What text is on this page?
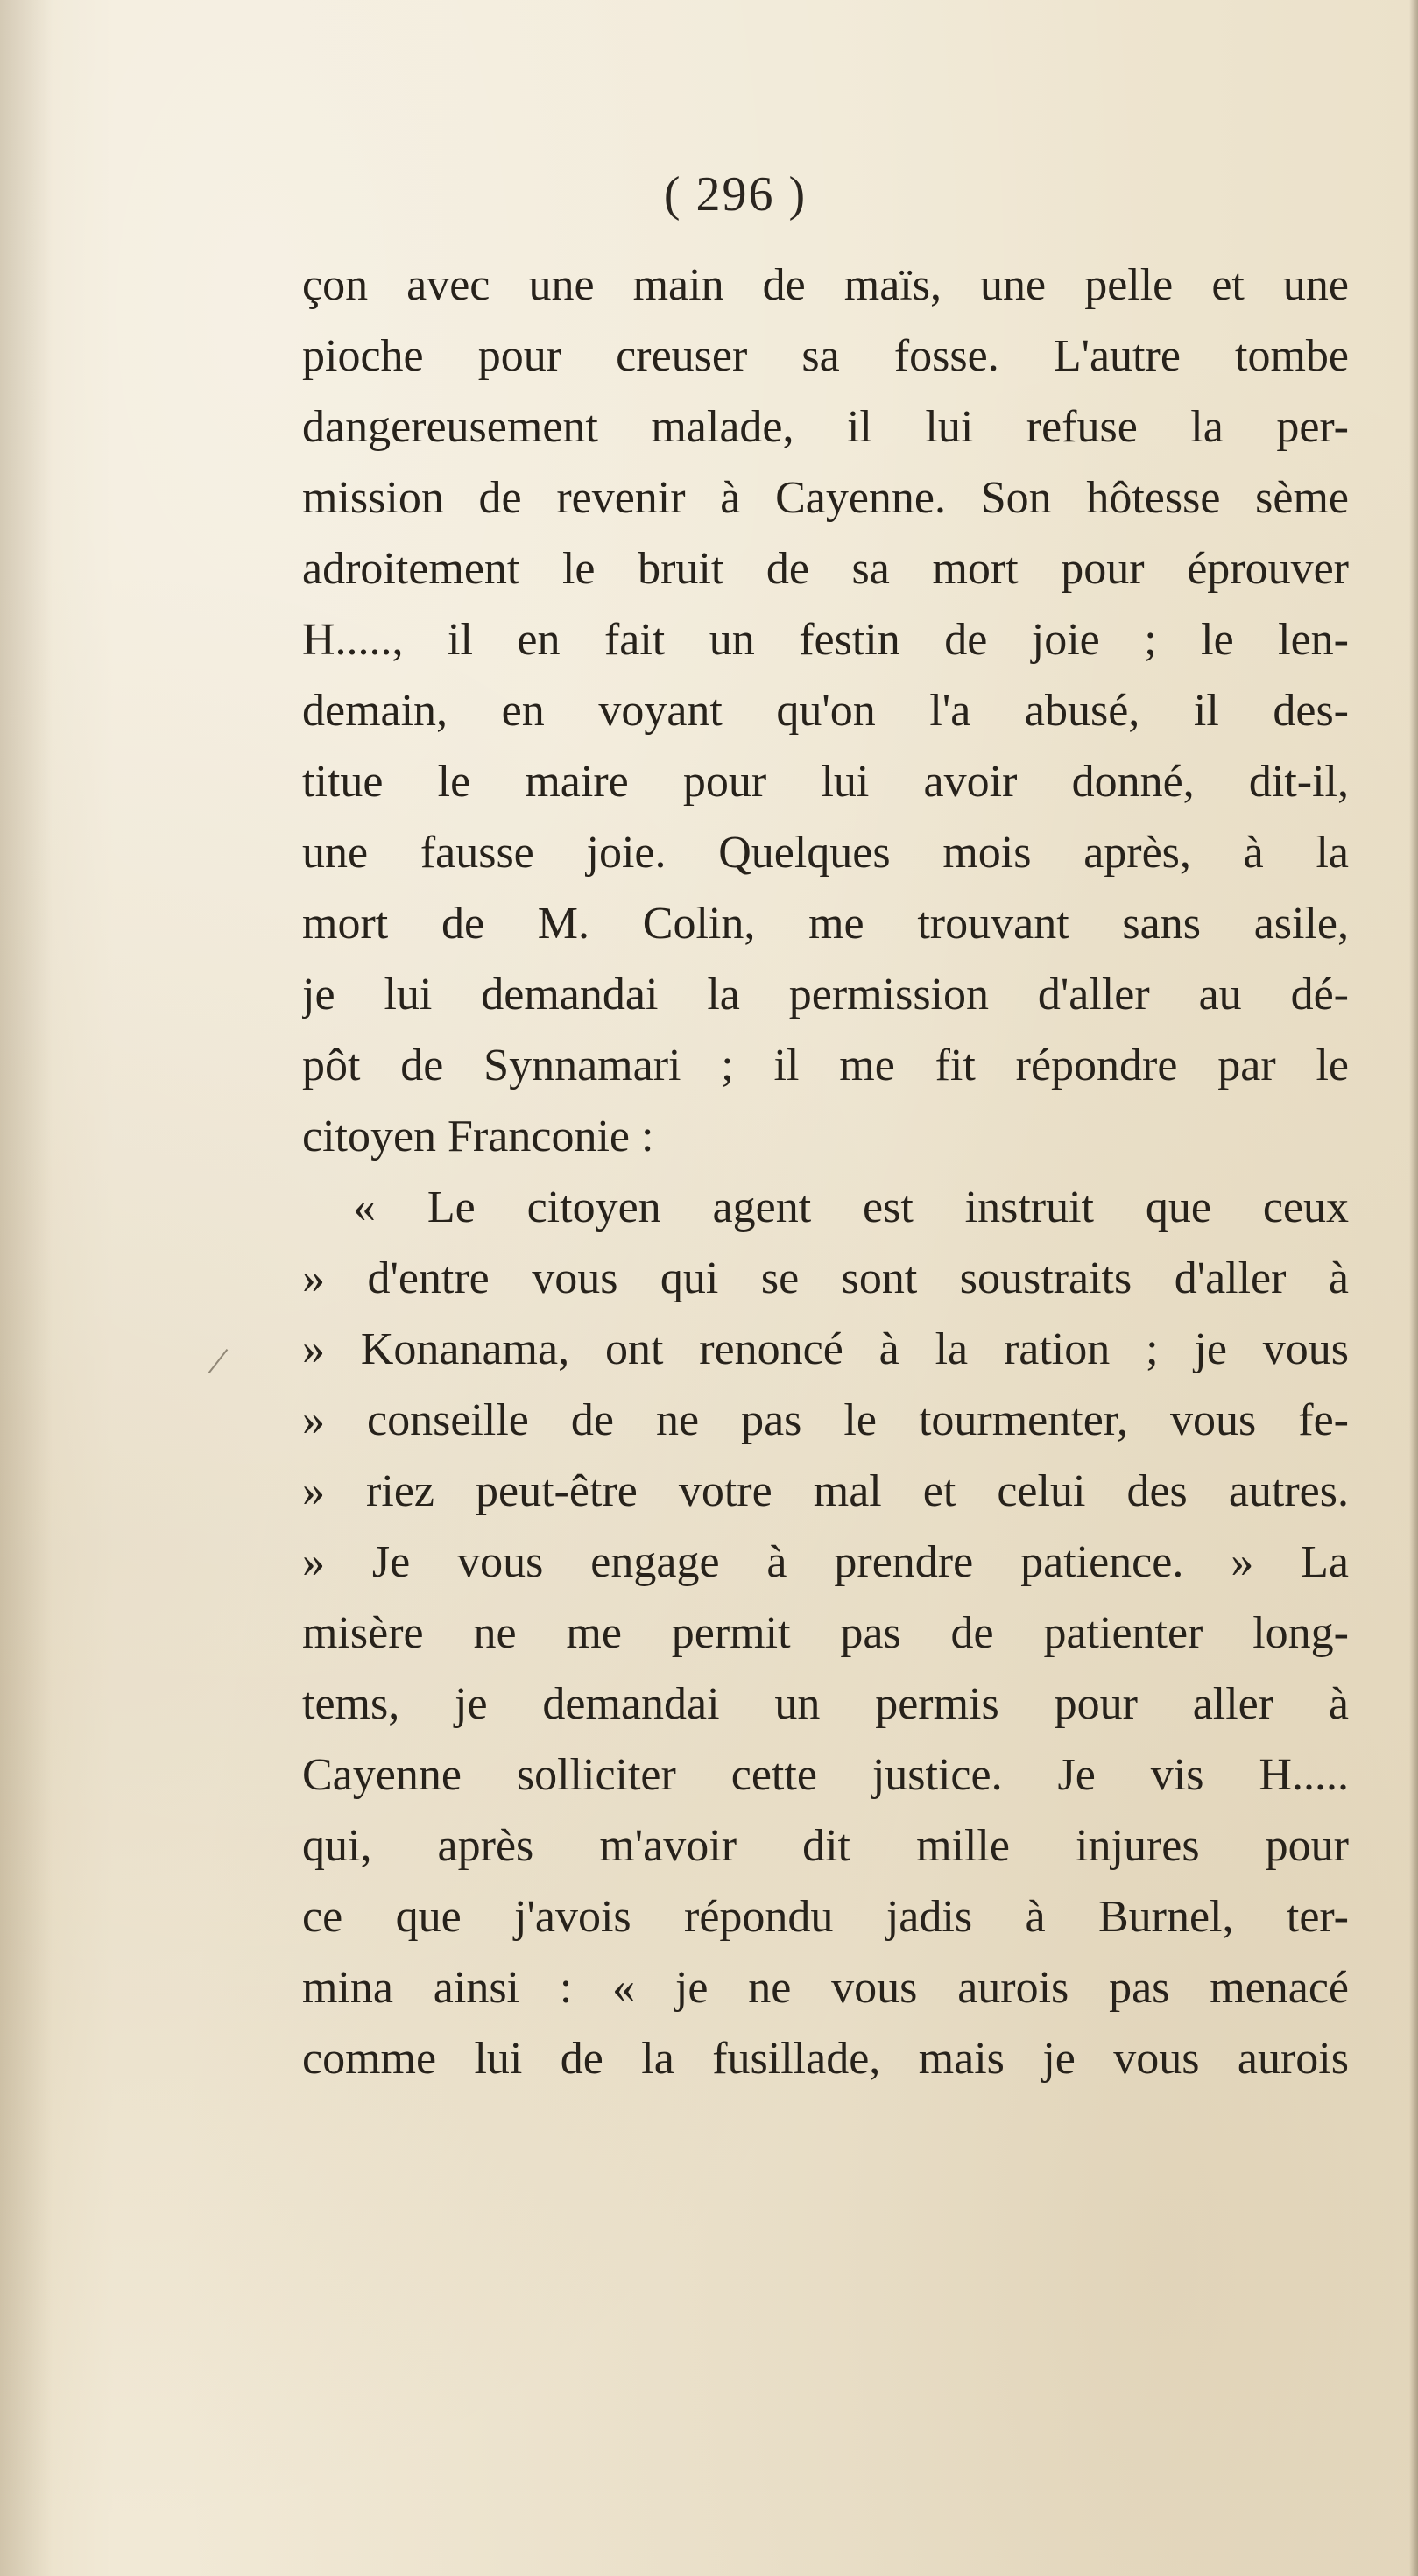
( 296 )
çon avec une main de maïs, une pelle et une
pioche pour creuser sa fosse. L'autre tombe
dangereusement malade, il lui refuse la per-
mission de revenir à Cayenne. Son hôtesse sème
adroitement le bruit de sa mort pour éprouver
H....., il en fait un festin de joie ; le len-
demain, en voyant qu'on l'a abusé, il des-
titue le maire pour lui avoir donné, dit-il,
une fausse joie. Quelques mois après, à la
mort de M. Colin, me trouvant sans asile,
je lui demandai la permission d'aller au dé-
pôt de Synnamari ; il me fit répondre par le
citoyen Franconie :
« Le citoyen agent est instruit que ceux
» d'entre vous qui se sont soustraits d'aller à
» Konanama, ont renoncé à la ration ; je vous
» conseille de ne pas le tourmenter, vous fe-
» riez peut-être votre mal et celui des autres.
» Je vous engage à prendre patience. » La
misère ne me permit pas de patienter long-
tems, je demandai un permis pour aller à
Cayenne solliciter cette justice. Je vis H.....
qui, après m'avoir dit mille injures pour
ce que j'avois répondu jadis à Burnel, ter-
mina ainsi : « je ne vous aurois pas menacé
comme lui de la fusillade, mais je vous aurois
